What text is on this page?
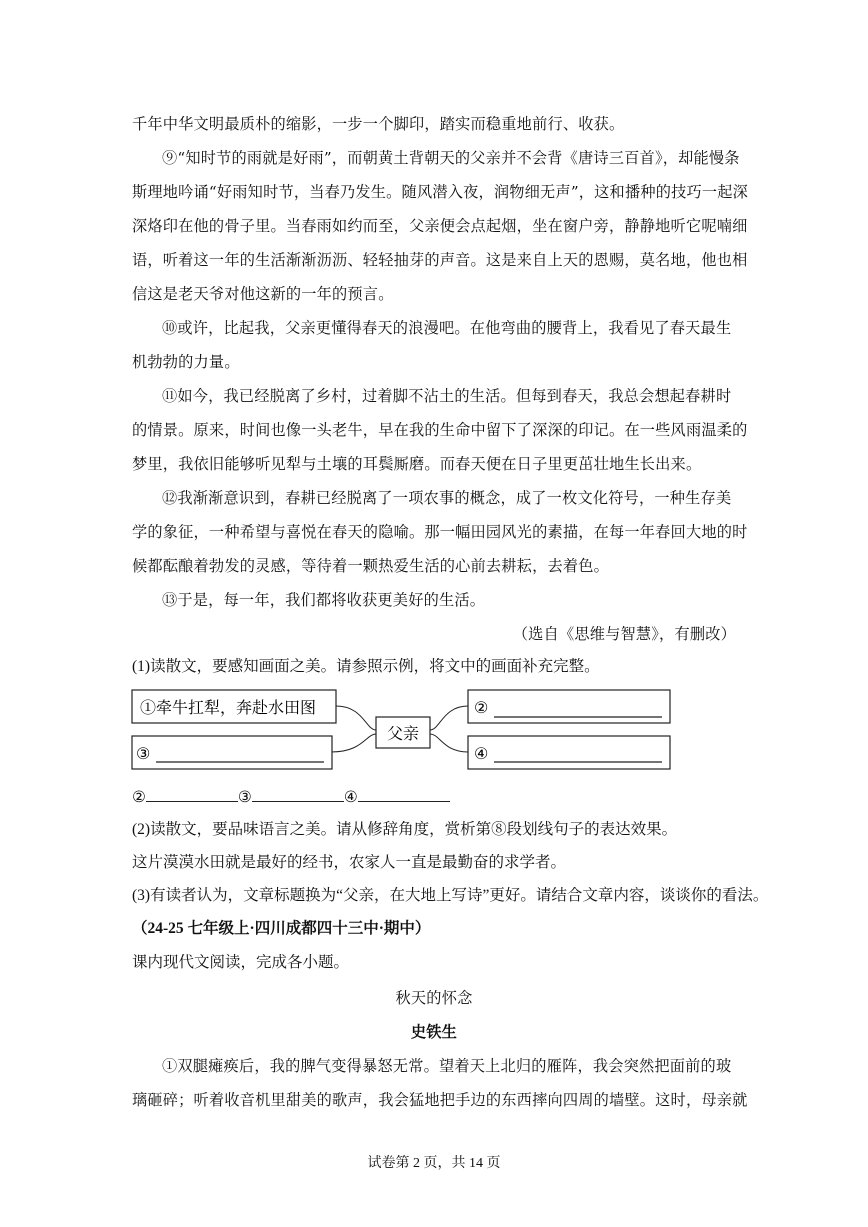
千年中华文明最质朴的缩影，一步一个脚印，踏实而稳重地前行、收获。
⑨“知时节的雨就是好雨”，而朝黄土背朝天的父亲并不会背《唐诗三百首》，却能慢条
斯理地吟诵“好雨知时节，当春乃发生。随风潜入夜，润物细无声”，这和播种的技巧一起深
深烙印在他的骨子里。当春雨如约而至，父亲便会点起烟，坐在窗户旁，静静地听它呢喃细
语，听着这一年的生活渐渐沥沥、轻轻抽芽的声音。这是来自上天的恩赐，莫名地，他也相
信这是老天爷对他这新的一年的预言。
⑩或许，比起我，父亲更懂得春天的浪漫吧。在他弯曲的腰背上，我看见了春天最生
机勃勃的力量。
⑪如今，我已经脱离了乡村，过着脚不沾土的生活。但每到春天，我总会想起春耕时
的情景。原来，时间也像一头老牛，早在我的生命中留下了深深的印记。在一些风雨温柔的
梦里，我依旧能够听见犁与土壤的耳鬓厮磨。而春天便在日子里更茁壮地生长出来。
⑫我渐渐意识到，春耕已经脱离了一项农事的概念，成了一枚文化符号，一种生存美
学的象征，一种希望与喜悦在春天的隐喻。那一幅田园风光的素描，在每一年春回大地的时
候都酝酿着勃发的灵感，等待着一颗热爱生活的心前去耕耘，去着色。
⑬于是，每一年，我们都将收获更美好的生活。
（选自《思维与智慧》，有删改）
(1)读散文，要感知画面之美。请参照示例，将文中的画面补充完整。
①牵牛扛犁，奔赴水田图
③
父亲
②
④
②	③	④
(2)读散文，要品味语言之美。请从修辞角度，赏析第⑧段划线句子的表达效果。
这片漠漠水田就是最好的经书，农家人一直是最勤奋的求学者。
(3)有读者认为，文章标题换为“父亲，在大地上写诗”更好。请结合文章内容，谈谈你的看法。
（24-25 七年级上·四川成都四十三中·期中）
课内现代文阅读，完成各小题。
秋天的怀念
史铁生
①双腿瘫痪后，我的脾气变得暴怒无常。望着天上北归的雁阵，我会突然把面前的玻
璃砸碎；听着收音机里甜美的歌声，我会猛地把手边的东西摔向四周的墙壁。这时，母亲就
试卷第 2 页，共 14 页
